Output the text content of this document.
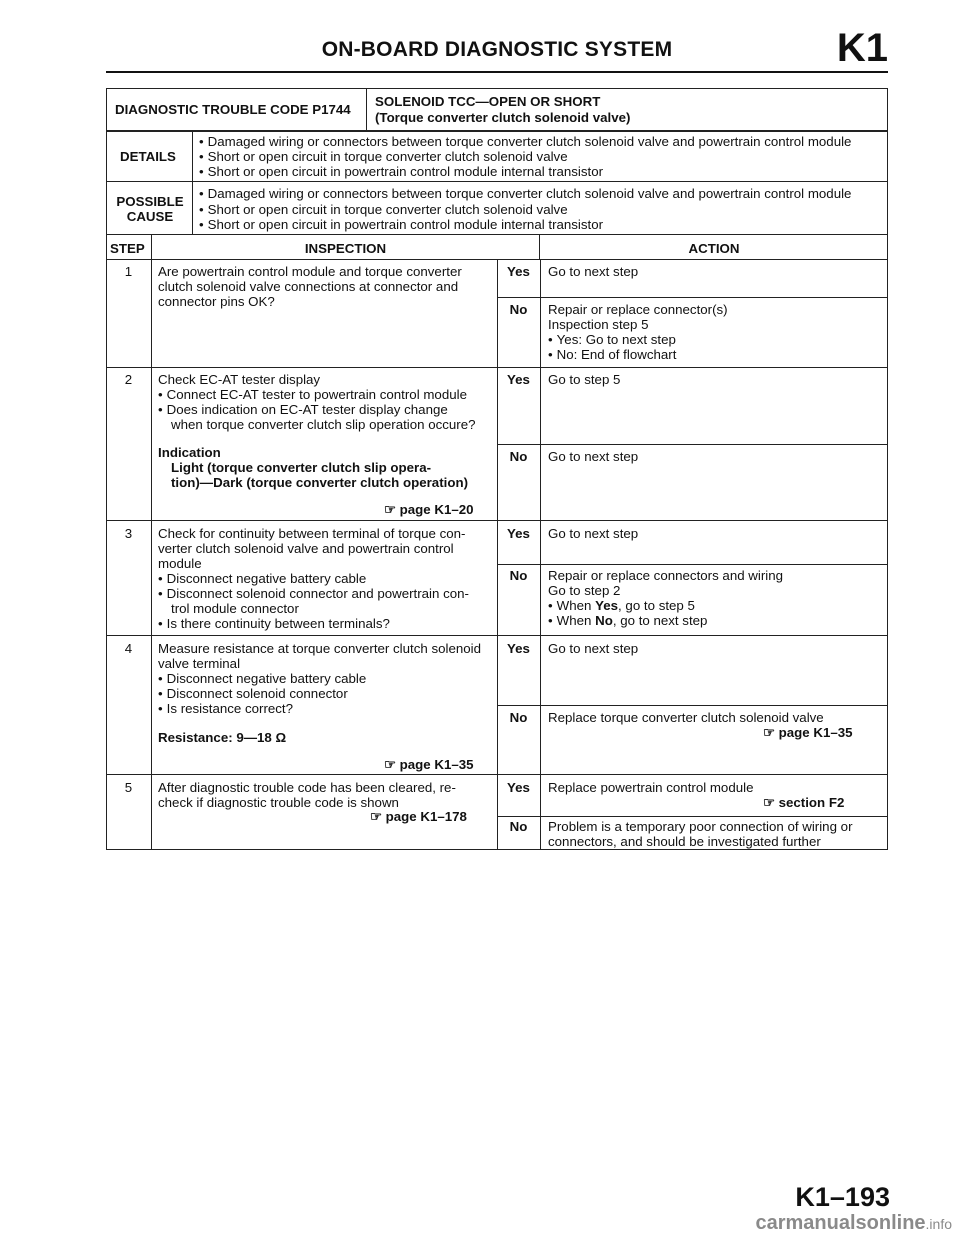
ON-BOARD DIAGNOSTIC SYSTEM	K1
DIAGNOSTIC TROUBLE CODE P1744
SOLENOID TCC—OPEN OR SHORT
(Torque converter clutch solenoid valve)
DETAILS
• Damaged wiring or connectors between torque converter clutch solenoid valve and powertrain control module
• Short or open circuit in torque converter clutch solenoid valve
• Short or open circuit in powertrain control module internal transistor
POSSIBLE
CAUSE
• Damaged wiring or connectors between torque converter clutch solenoid valve and powertrain control module
• Short or open circuit in torque converter clutch solenoid valve
• Short or open circuit in powertrain control module internal transistor
STEP	INSPECTION	ACTION
1	Are powertrain control module and torque converter
clutch solenoid valve connections at connector and
connector pins OK?
Yes	Go to next step
No	Repair or replace connector(s)
Inspection step 5
• Yes: Go to next step
• No: End of flowchart
2	Check EC-AT tester display
• Connect EC-AT tester to powertrain control module
• Does indication on EC-AT tester display change
when torque converter clutch slip operation occure?
Indication
Light (torque converter clutch slip opera-
tion)—Dark (torque converter clutch operation)
☞ page K1–20
Yes	Go to step 5
No	Go to next step
3	Check for continuity between terminal of torque con-
verter clutch solenoid valve and powertrain control
module
• Disconnect negative battery cable
• Disconnect solenoid connector and powertrain con-
trol module connector
• Is there continuity between terminals?
Yes	Go to next step
No	Repair or replace connectors and wiring
Go to step 2
• When Yes, go to step 5
• When No, go to next step
4	Measure resistance at torque converter clutch solenoid
valve terminal
• Disconnect negative battery cable
• Disconnect solenoid connector
• Is resistance correct?
Resistance: 9—18 Ω
☞ page K1–35
Yes	Go to next step
No	Replace torque converter clutch solenoid valve
☞ page K1–35
5	After diagnostic trouble code has been cleared, re-
check if diagnostic trouble code is shown
☞ page K1–178
Yes	Replace powertrain control module
☞ section F2
No	Problem is a temporary poor connection of wiring or
connectors, and should be investigated further
K1–193
carmanualsonline.info
